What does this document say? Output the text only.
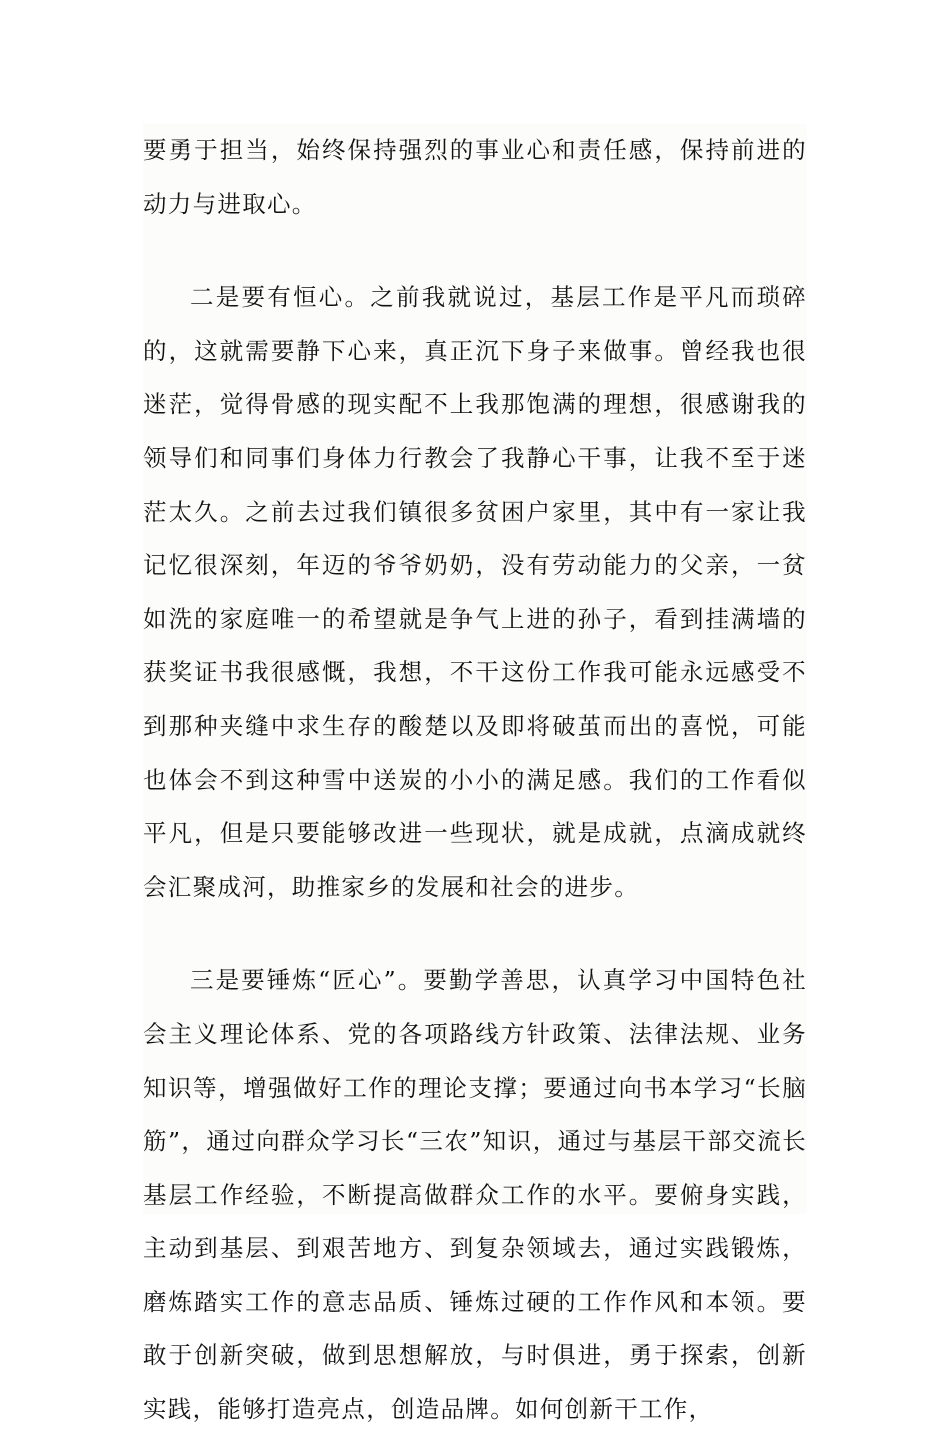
要勇于担当，始终保持强烈的事业心和责任感，保持前进的动力与进取心。

二是要有恒心。之前我就说过，基层工作是平凡而琐碎的，这就需要静下心来，真正沉下身子来做事。曾经我也很迷茫，觉得骨感的现实配不上我那饱满的理想，很感谢我的领导们和同事们身体力行教会了我静心干事，让我不至于迷茫太久。之前去过我们镇很多贫困户家里，其中有一家让我记忆很深刻，年迈的爷爷奶奶，没有劳动能力的父亲，一贫如洗的家庭唯一的希望就是争气上进的孙子，看到挂满墙的获奖证书我很感慨，我想，不干这份工作我可能永远感受不到那种夹缝中求生存的酸楚以及即将破茧而出的喜悦，可能也体会不到这种雪中送炭的小小的满足感。我们的工作看似平凡，但是只要能够改进一些现状，就是成就，点滴成就终会汇聚成河，助推家乡的发展和社会的进步。

三是要锤炼“匠心”。要勤学善思，认真学习中国特色社会主义理论体系、党的各项路线方针政策、法律法规、业务知识等，增强做好工作的理论支撑；要通过向书本学习“长脑筋”，通过向群众学习长“三农”知识，通过与基层干部交流长基层工作经验，不断提高做群众工作的水平。要俯身实践，主动到基层、到艰苦地方、到复杂领域去，通过实践锻炼，磨炼踏实工作的意志品质、锤炼过硬的工作作风和本领。要敢于创新突破，做到思想解放，与时俱进，勇于探索，创新实践，能够打造亮点，创造品牌。如何创新干工作，
